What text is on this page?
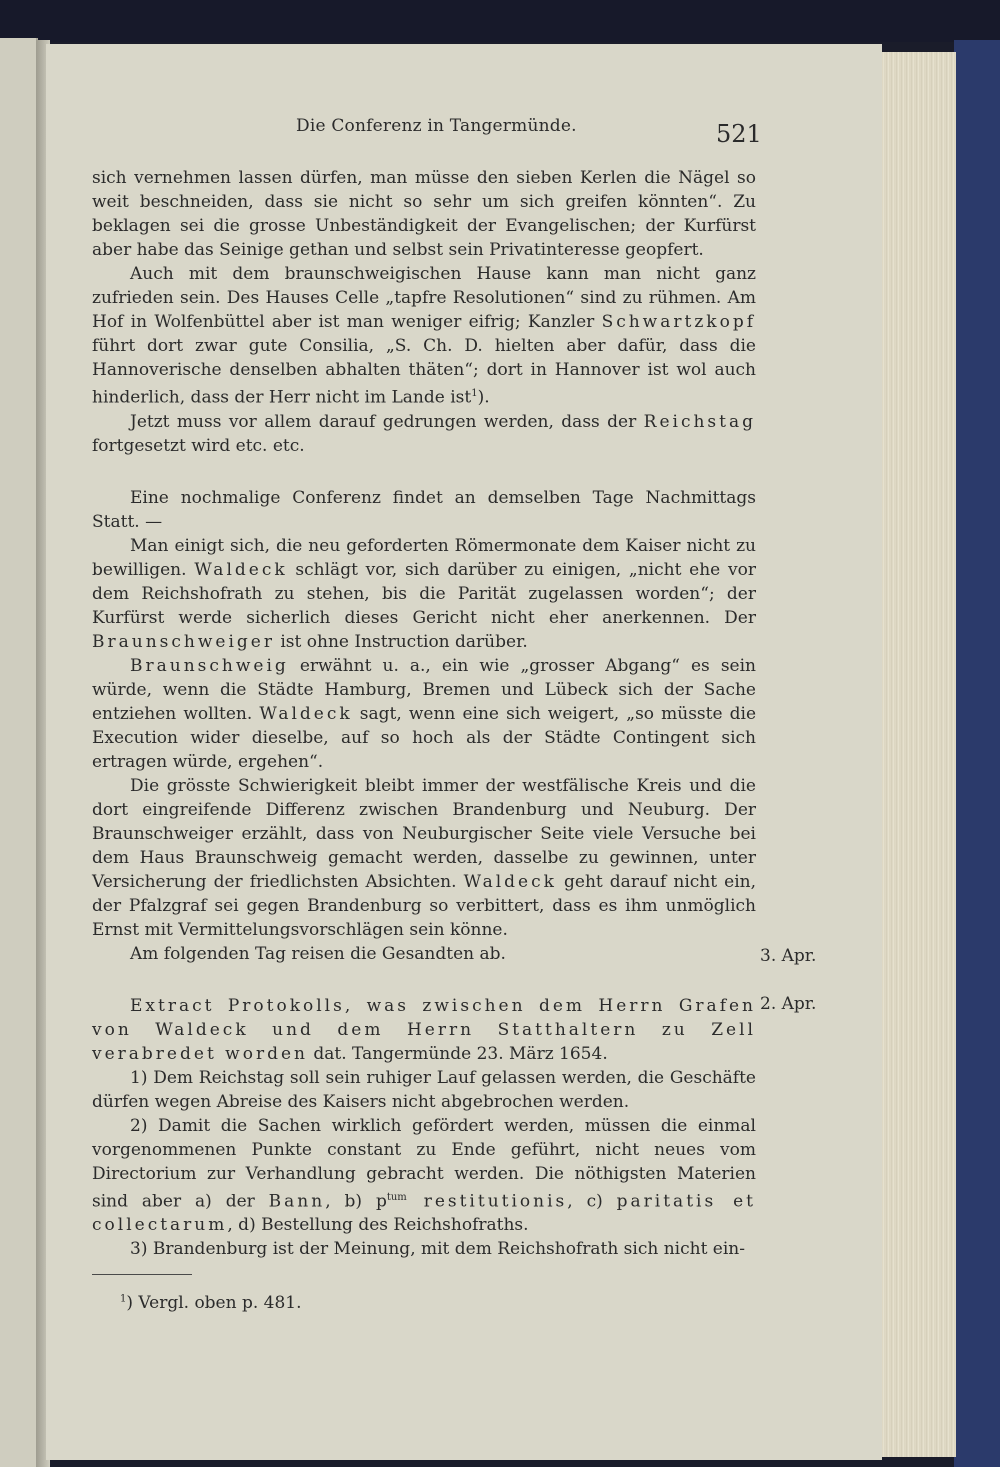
Die Conferenz in Tangermünde.	521

sich vernehmen lassen dürfen, man müsse den sieben Kerlen die Nägel so weit beschneiden, dass sie nicht so sehr um sich greifen könnten“. Zu beklagen sei die grosse Unbeständigkeit der Evangelischen; der Kurfürst aber habe das Seinige gethan und selbst sein Privatinteresse geopfert.

Auch mit dem braunschweigischen Hause kann man nicht ganz zufrieden sein. Des Hauses Celle „tapfre Resolutionen“ sind zu rühmen. Am Hof in Wolfenbüttel aber ist man weniger eifrig; Kanzler Schwartzkopf führt dort zwar gute Consilia, „S. Ch. D. hielten aber dafür, dass die Hannoverische denselben abhalten thäten“; dort in Hannover ist wol auch hinderlich, dass der Herr nicht im Lande ist$^1$).

Jetzt muss vor allem darauf gedrungen werden, dass der Reichstag fortgesetzt wird etc. etc.

Eine nochmalige Conferenz findet an demselben Tage Nachmittags Statt. —

Man einigt sich, die neu geforderten Römermonate dem Kaiser nicht zu bewilligen. Waldeck schlägt vor, sich darüber zu einigen, „nicht ehe vor dem Reichshofrath zu stehen, bis die Parität zugelassen worden“; der Kurfürst werde sicherlich dieses Gericht nicht eher anerkennen. Der Braunschweiger ist ohne Instruction darüber.

Braunschweig erwähnt u. a., ein wie „grosser Abgang“ es sein würde, wenn die Städte Hamburg, Bremen und Lübeck sich der Sache entziehen wollten. Waldeck sagt, wenn eine sich weigert, „so müsste die Execution wider dieselbe, auf so hoch als der Städte Contingent sich ertragen würde, ergehen“.

Die grösste Schwierigkeit bleibt immer der westfälische Kreis und die dort eingreifende Differenz zwischen Brandenburg und Neuburg. Der Braunschweiger erzählt, dass von Neuburgischer Seite viele Versuche bei dem Haus Braunschweig gemacht werden, dasselbe zu gewinnen, unter Versicherung der friedlichsten Absichten. Waldeck geht darauf nicht ein, der Pfalzgraf sei gegen Brandenburg so verbittert, dass es ihm unmöglich Ernst mit Vermittelungsvorschlägen sein könne.

Am folgenden Tag reisen die Gesandten ab.

Extract Protokolls, was zwischen dem Herrn Grafen von Waldeck und dem Herrn Statthaltern zu Zell verabredet worden dat. Tangermünde 23. März 1654.

1) Dem Reichstag soll sein ruhiger Lauf gelassen werden, die Geschäfte dürfen wegen Abreise des Kaisers nicht abgebrochen werden.

2) Damit die Sachen wirklich gefördert werden, müssen die einmal vorgenommenen Punkte constant zu Ende geführt, nicht neues vom Directorium zur Verhandlung gebracht werden. Die nöthigsten Materien sind aber a) der Bann, b) $p^{tum}$ restitutionis, c) paritatis et collectarum, d) Bestellung des Reichshofraths.

3) Brandenburg ist der Meinung, mit dem Reichshofrath sich nicht ein-

3. Apr.
2. Apr.
$^1$) Vergl. oben p. 481.
